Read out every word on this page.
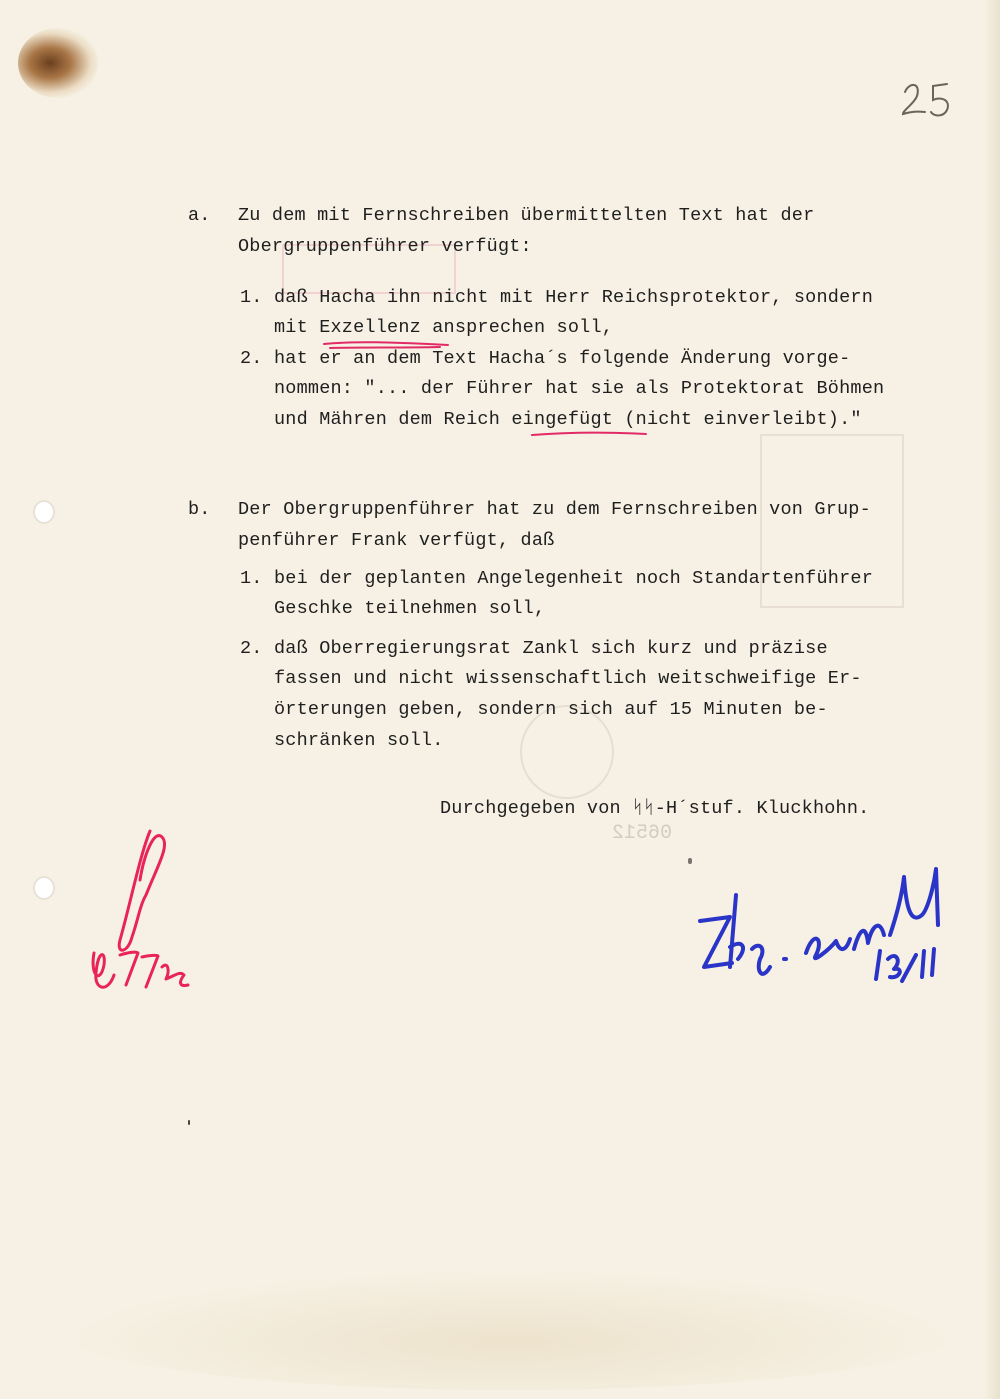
a. Zu dem mit Fernschreiben übermittelten Text hat der
Obergruppenführer verfügt:
1. daß Hacha ihn nicht mit Herr Reichsprotektor, sondern
mit Exzellenz ansprechen soll,
2. hat er an dem Text Hacha´s folgende Änderung vorge-
nommen: "... der Führer hat sie als Protektorat Böhmen
und Mähren dem Reich eingefügt (nicht einverleibt)."
b. Der Obergruppenführer hat zu dem Fernschreiben von Grup-
penführer Frank verfügt, daß
1. bei der geplanten Angelegenheit noch Standartenführer
Geschke teilnehmen soll,
2. daß Oberregierungsrat Zankl sich kurz und präzise
fassen und nicht wissenschaftlich weitschweifige Er-
örterungen geben, sondern sich auf 15 Minuten be-
schränken soll.
06512
Durchgegeben von ᛋᛋ-H´stuf. Kluckhohn.
